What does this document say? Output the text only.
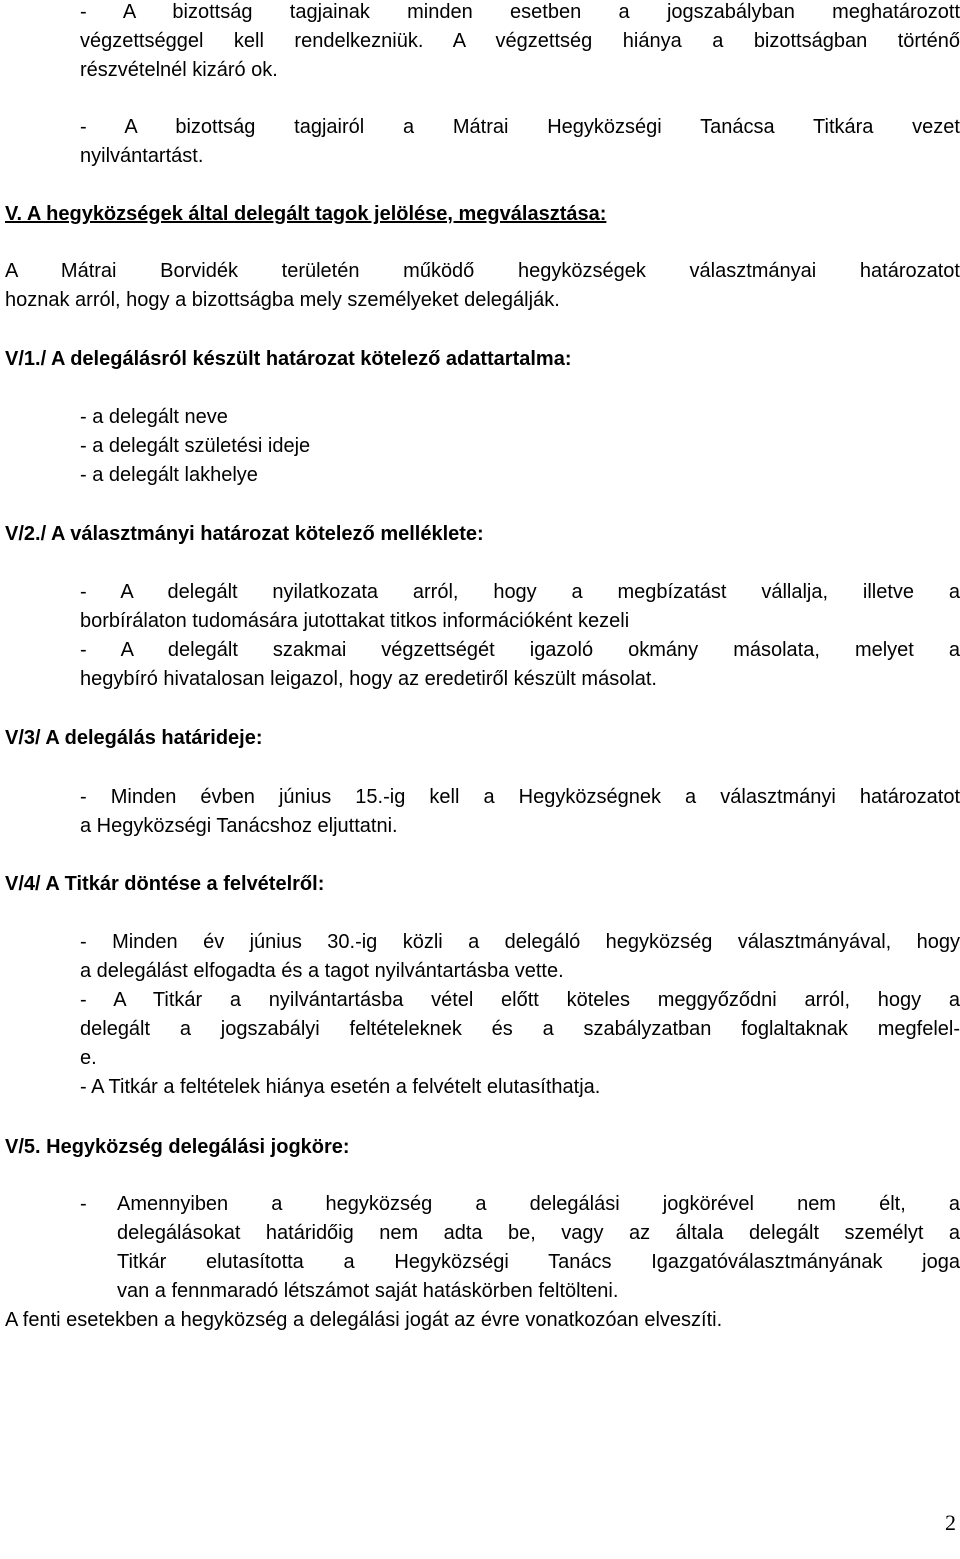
- A bizottság tagjainak minden esetben a jogszabályban meghatározott
végzettséggel kell rendelkezniük. A végzettség hiánya a bizottságban történő
részvételnél kizáró ok.
- A bizottság tagjairól a Mátrai Hegyközségi Tanácsa Titkára vezet
nyilvántartást.
V. A hegyközségek által delegált tagok jelölése, megválasztása:
A Mátrai Borvidék területén működő hegyközségek választmányai határozatot
hoznak arról, hogy a bizottságba mely személyeket delegálják.
V/1./ A delegálásról készült határozat kötelező adattartalma:
- a delegált neve
- a delegált születési ideje
- a delegált lakhelye
V/2./ A választmányi határozat kötelező melléklete:
- A delegált nyilatkozata arról, hogy a megbízatást vállalja, illetve a
borbírálaton tudomására jutottakat titkos információként kezeli
- A delegált szakmai végzettségét igazoló okmány másolata, melyet a
hegybíró hivatalosan leigazol, hogy az eredetiről készült másolat.
V/3/ A delegálás határideje:
- Minden évben június 15.-ig kell a Hegyközségnek a választmányi határozatot
a Hegyközségi Tanácshoz eljuttatni.
V/4/ A Titkár döntése a felvételről:
- Minden év június 30.-ig közli a delegáló hegyközség választmányával, hogy
a delegálást elfogadta és a tagot nyilvántartásba vette.
- A Titkár a nyilvántartásba vétel előtt köteles meggyőződni arról, hogy a
delegált a jogszabályi feltételeknek és a szabályzatban foglaltaknak megfelel-
e.
- A Titkár a feltételek hiánya esetén a felvételt elutasíthatja.
V/5. Hegyközség delegálási jogköre:
- Amennyiben a hegyközség a delegálási jogkörével nem élt, a
delegálásokat határidőig nem adta be, vagy az általa delegált személyt a
Titkár elutasította a Hegyközségi Tanács Igazgatóválasztmányának joga
van a fennmaradó létszámot saját hatáskörben feltölteni.
A fenti esetekben a hegyközség a delegálási jogát az évre vonatkozóan elveszíti.
2
